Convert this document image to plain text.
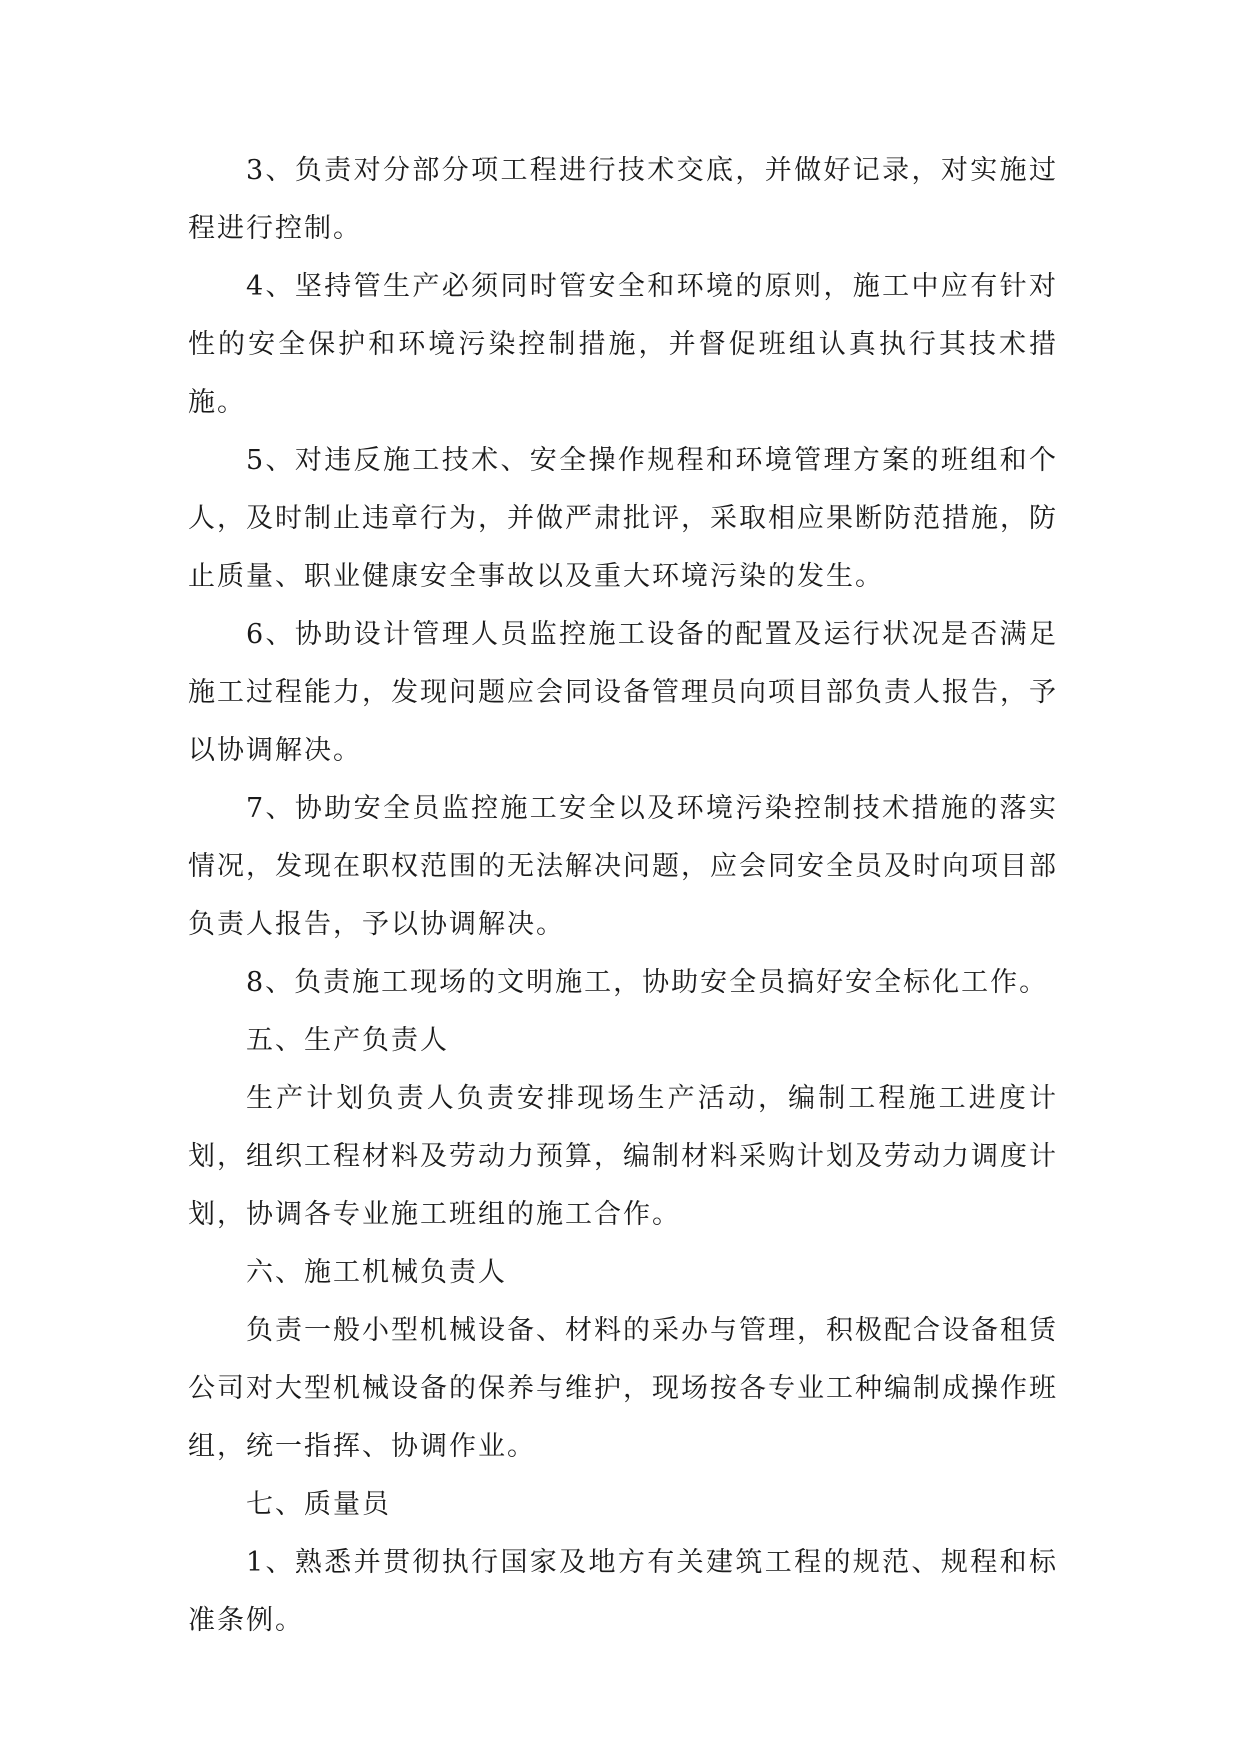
3、负责对分部分项工程进行技术交底，并做好记录，对实施过程进行控制。

4、坚持管生产必须同时管安全和环境的原则，施工中应有针对性的安全保护和环境污染控制措施，并督促班组认真执行其技术措施。

5、对违反施工技术、安全操作规程和环境管理方案的班组和个人，及时制止违章行为，并做严肃批评，采取相应果断防范措施，防止质量、职业健康安全事故以及重大环境污染的发生。

6、协助设计管理人员监控施工设备的配置及运行状况是否满足施工过程能力，发现问题应会同设备管理员向项目部负责人报告，予以协调解决。

7、协助安全员监控施工安全以及环境污染控制技术措施的落实情况，发现在职权范围的无法解决问题，应会同安全员及时向项目部负责人报告，予以协调解决。

8、负责施工现场的文明施工，协助安全员搞好安全标化工作。

五、生产负责人

生产计划负责人负责安排现场生产活动，编制工程施工进度计划，组织工程材料及劳动力预算，编制材料采购计划及劳动力调度计划，协调各专业施工班组的施工合作。

六、施工机械负责人

负责一般小型机械设备、材料的采办与管理，积极配合设备租赁公司对大型机械设备的保养与维护，现场按各专业工种编制成操作班组，统一指挥、协调作业。

七、质量员

1、熟悉并贯彻执行国家及地方有关建筑工程的规范、规程和标准条例。
